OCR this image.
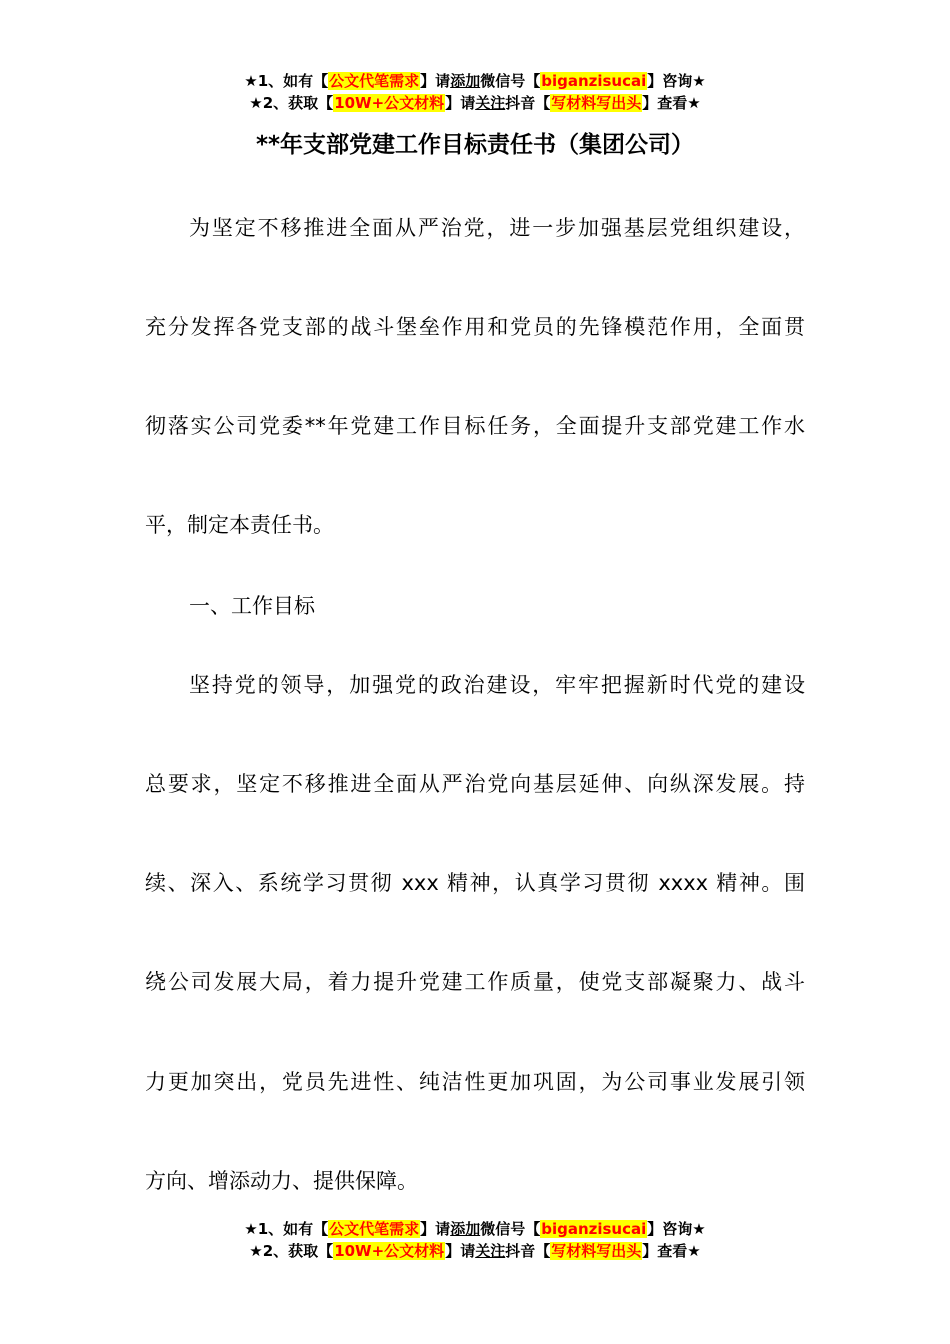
★1、如有【公文代笔需求】请添加微信号【biganzisucai】咨询★
★2、获取【10W+公文材料】请关注抖音【写材料写出头】查看★
**年支部党建工作目标责任书（集团公司）
为坚定不移推进全面从严治党，进一步加强基层党组织建设，
充分发挥各党支部的战斗堡垒作用和党员的先锋模范作用，全面贯
彻落实公司党委**年党建工作目标任务，全面提升支部党建工作水
平，制定本责任书。
一、工作目标
坚持党的领导，加强党的政治建设，牢牢把握新时代党的建设
总要求，坚定不移推进全面从严治党向基层延伸、向纵深发展。持
续、深入、系统学习贯彻 xxx 精神，认真学习贯彻 xxxx 精神。围
绕公司发展大局，着力提升党建工作质量，使党支部凝聚力、战斗
力更加突出，党员先进性、纯洁性更加巩固，为公司事业发展引领
方向、增添动力、提供保障。
★1、如有【公文代笔需求】请添加微信号【biganzisucai】咨询★
★2、获取【10W+公文材料】请关注抖音【写材料写出头】查看★
